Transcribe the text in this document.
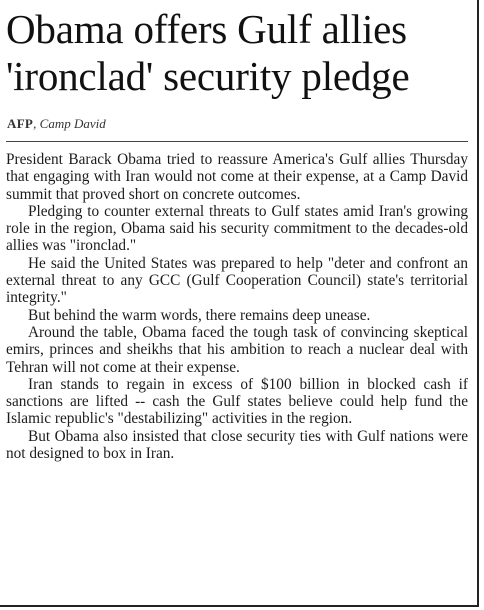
Obama offers Gulf allies
'ironclad' security pledge
AFP, Camp David

President Barack Obama tried to reassure America's Gulf allies Thursday that engaging with Iran would not come at their expense, at a Camp David summit that proved short on concrete outcomes.

Pledging to counter external threats to Gulf states amid Iran's growing role in the region, Obama said his security commitment to the decades-old allies was "ironclad."

He said the United States was prepared to help "deter and confront an external threat to any GCC (Gulf Cooperation Council) state's territorial integrity."

But behind the warm words, there remains deep unease.

Around the table, Obama faced the tough task of convincing skeptical emirs, princes and sheikhs that his ambition to reach a nuclear deal with Tehran will not come at their expense.

Iran stands to regain in excess of $100 billion in blocked cash if sanctions are lifted -- cash the Gulf states believe could help fund the Islamic republic's "destabilizing" activities in the region.

But Obama also insisted that close security ties with Gulf nations were not designed to box in Iran.
